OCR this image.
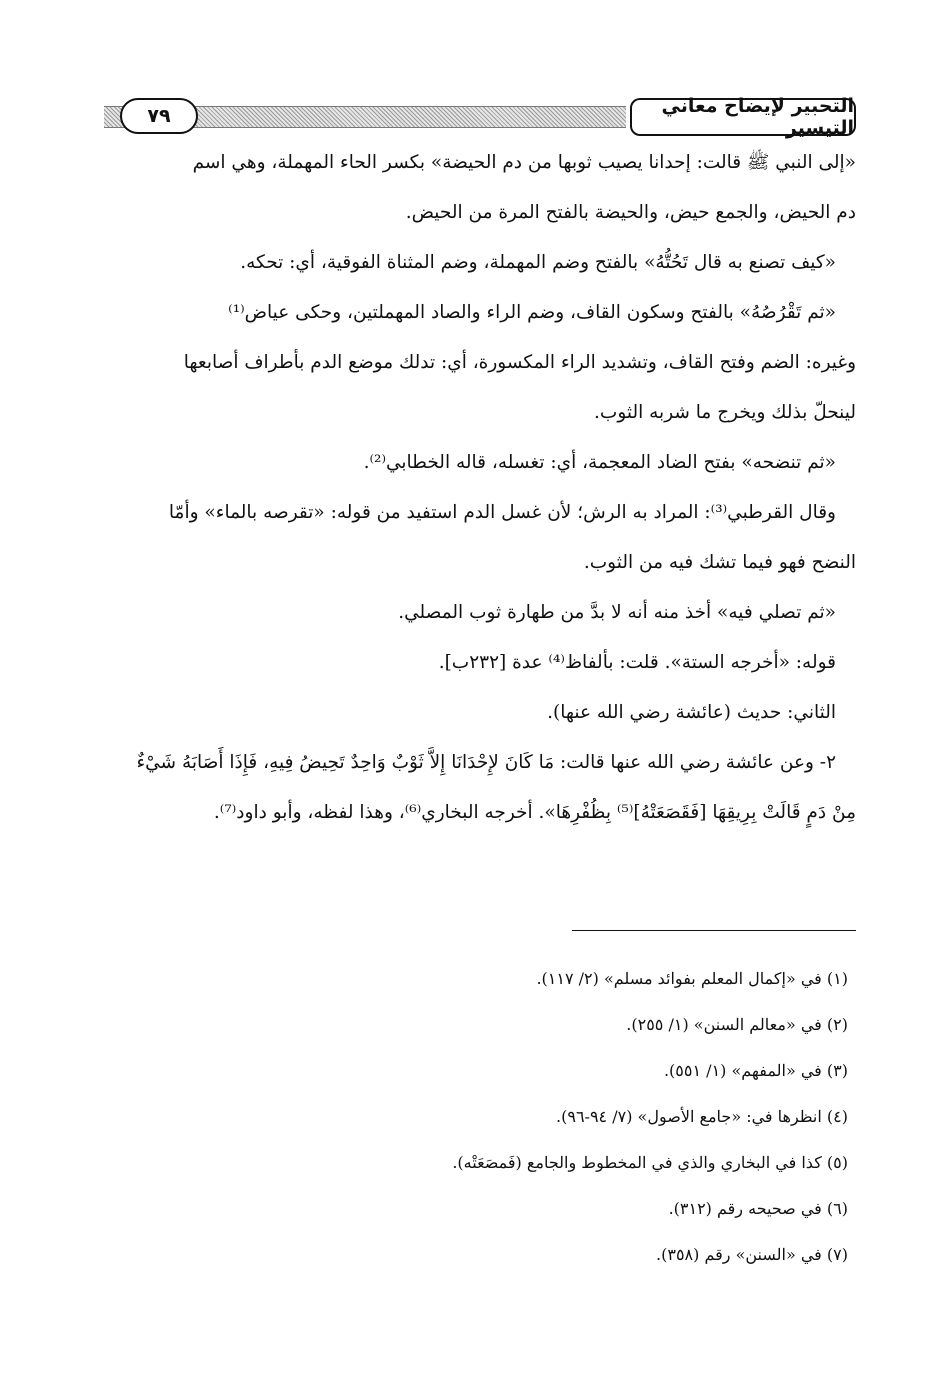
التحبير لإيضاح معاني التيسير
٧٩
«إلى النبي ﷺ قالت: إحدانا يصيب ثوبها من دم الحيضة» بكسر الحاء المهملة، وهي اسم
دم الحيض، والجمع حيض، والحيضة بالفتح المرة من الحيض.
«كيف تصنع به قال تَحُتُّهُ» بالفتح وضم المهملة، وضم المثناة الفوقية، أي: تحكه.
«ثم تَقْرُصُهُ» بالفتح وسكون القاف، وضم الراء والصاد المهملتين، وحكى عياض⁽¹⁾
وغيره: الضم وفتح القاف، وتشديد الراء المكسورة، أي: تدلك موضع الدم بأطراف أصابعها
لينحلّ بذلك ويخرج ما شربه الثوب.
«ثم تنضحه» بفتح الضاد المعجمة، أي: تغسله، قاله الخطابي⁽²⁾.
وقال القرطبي⁽³⁾: المراد به الرش؛ لأن غسل الدم استفيد من قوله: «تقرصه بالماء» وأمّا
النضح فهو فيما تشك فيه من الثوب.
«ثم تصلي فيه» أخذ منه أنه لا بدَّ من طهارة ثوب المصلي.
قوله: «أخرجه الستة». قلت: بألفاظ⁽⁴⁾ عدة [٢٣٢ب].
الثاني: حديث (عائشة رضي الله عنها).
٢- وعن عائشة رضي الله عنها قالت: مَا كَانَ لإِحْدَانَا إِلاَّ ثَوْبٌ وَاحِدٌ تَحِيضُ فِيهِ، فَإِذَا أَصَابَهُ شَيْءٌ
مِنْ دَمٍ قَالَتْ بِرِيقِهَا [فَقَصَعَتْهُ]⁽⁵⁾ بِظُفْرِهَا». أخرجه البخاري⁽⁶⁾، وهذا لفظه، وأبو داود⁽⁷⁾.
(١) في «إكمال المعلم بفوائد مسلم» (٢/ ١١٧).
(٢) في «معالم السنن» (١/ ٢٥٥).
(٣) في «المفهم» (١/ ٥٥١).
(٤) انظرها في: «جامع الأصول» (٧/ ٩٤-٩٦).
(٥) كذا في البخاري والذي في المخطوط والجامع (فَمصَعَتْه).
(٦) في صحيحه رقم (٣١٢).
(٧) في «السنن» رقم (٣٥٨).
